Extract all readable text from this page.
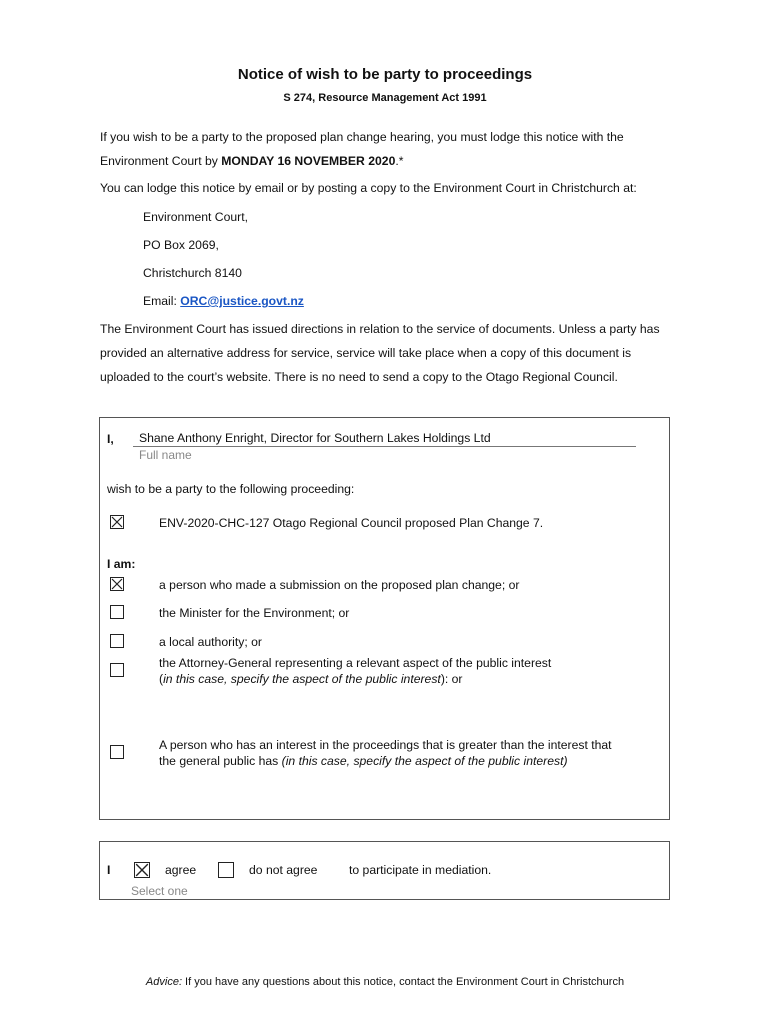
Notice of wish to be party to proceedings
S 274, Resource Management Act 1991
If you wish to be a party to the proposed plan change hearing, you must lodge this notice with the Environment Court by MONDAY 16 NOVEMBER 2020.*
You can lodge this notice by email or by posting a copy to the Environment Court in Christchurch at:
Environment Court,
PO Box 2069,
Christchurch 8140
Email: ORC@justice.govt.nz
The Environment Court has issued directions in relation to the service of documents. Unless a party has provided an alternative address for service, service will take place when a copy of this document is uploaded to the court’s website. There is no need to send a copy to the Otago Regional Council.
I, Shane Anthony Enright, Director for Southern Lakes Holdings Ltd
Full name
wish to be a party to the following proceeding:
ENV-2020-CHC-127 Otago Regional Council proposed Plan Change 7.
I am:
a person who made a submission on the proposed plan change; or
the Minister for the Environment; or
a local authority; or
the Attorney-General representing a relevant aspect of the public interest
(in this case, specify the aspect of the public interest): or
A person who has an interest in the proceedings that is greater than the interest that
the general public has (in this case, specify the aspect of the public interest)
I	agree	do not agree	to participate in mediation.
Select one
Advice: If you have any questions about this notice, contact the Environment Court in Christchurch
